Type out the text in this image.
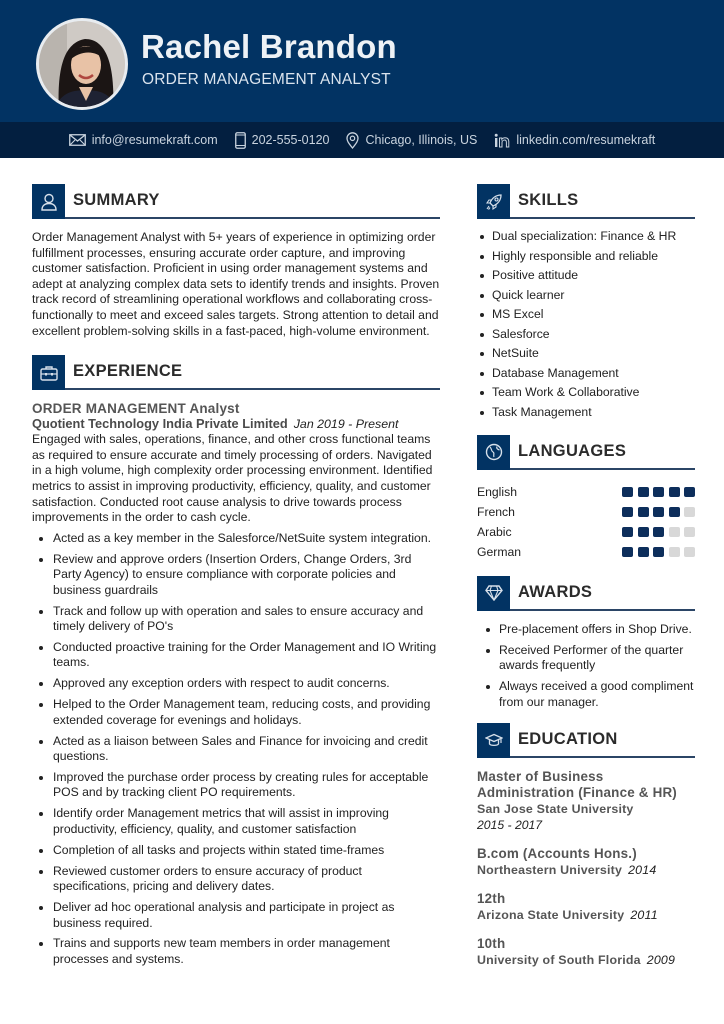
Rachel Brandon
ORDER MANAGEMENT ANALYST
info@resumekraft.com	202-555-0120	Chicago, Illinois, US	linkedin.com/resumekraft
SUMMARY

Order Management Analyst with 5+ years of experience in optimizing order fulfillment processes, ensuring accurate order capture, and improving customer satisfaction. Proficient in using order management systems and adept at analyzing complex data sets to identify trends and insights. Proven track record of streamlining operational workflows and collaborating cross-functionally to meet and exceed sales targets. Strong attention to detail and excellent problem-solving skills in a fast-paced, high-volume environment.

EXPERIENCE
ORDER MANAGEMENT Analyst
Quotient Technology India Private Limited Jan 2019 - Present

Engaged with sales, operations, finance, and other cross functional teams as required to ensure accurate and timely processing of orders. Navigated in a high volume, high complexity order processing environment. Identified metrics to assist in improving productivity, efficiency, quality, and customer satisfaction. Conducted root cause analysis to drive towards process improvements in the order to cash cycle.

Acted as a key member in the Salesforce/NetSuite system integration.
Review and approve orders (Insertion Orders, Change Orders, 3rd Party Agency) to ensure compliance with corporate policies and business guardrails
Track and follow up with operation and sales to ensure accuracy and timely delivery of PO's
Conducted proactive training for the Order Management and IO Writing teams.
Approved any exception orders with respect to audit concerns.
Helped to the Order Management team, reducing costs, and providing extended coverage for evenings and holidays.
Acted as a liaison between Sales and Finance for invoicing and credit questions.
Improved the purchase order process by creating rules for acceptable POS and by tracking client PO requirements.
Identify order Management metrics that will assist in improving productivity, efficiency, quality, and customer satisfaction
Completion of all tasks and projects within stated time-frames
Reviewed customer orders to ensure accuracy of product specifications, pricing and delivery dates.
Deliver ad hoc operational analysis and participate in project as business required.
Trains and supports new team members in order management processes and systems.
SKILLS
Dual specialization: Finance & HR
Highly responsible and reliable
Positive attitude
Quick learner
MS Excel
Salesforce
NetSuite
Database Management
Team Work & Collaborative
Task Management
LANGUAGES
English
French
Arabic
German
AWARDS
Pre-placement offers in Shop Drive.
Received Performer of the quarter awards frequently
Always received a good compliment from our manager.
EDUCATION
Master of Business Administration (Finance & HR)
San Jose State University
2015 - 2017
B.com (Accounts Hons.)
Northeastern University 2014
12th
Arizona State University 2011
10th
University of South Florida 2009
